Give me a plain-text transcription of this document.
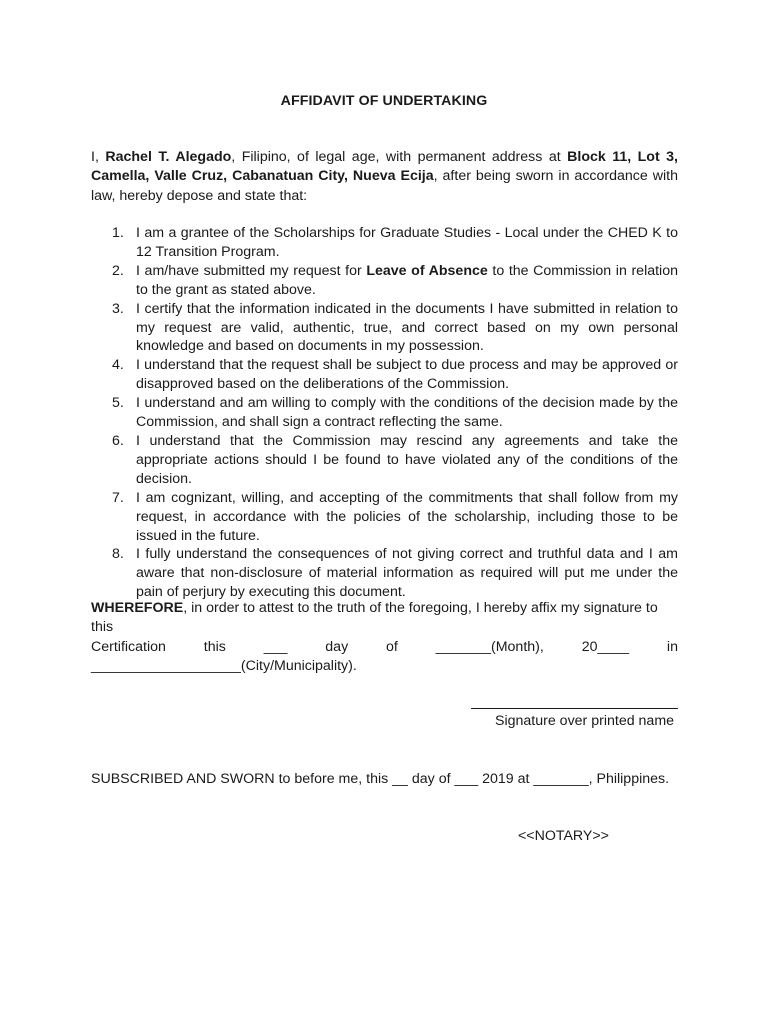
AFFIDAVIT OF UNDERTAKING
I, Rachel T. Alegado, Filipino, of legal age, with permanent address at Block 11, Lot 3, Camella, Valle Cruz, Cabanatuan City, Nueva Ecija, after being sworn in accordance with law, hereby depose and state that:
1. I am a grantee of the Scholarships for Graduate Studies - Local under the CHED K to 12 Transition Program.
2. I am/have submitted my request for Leave of Absence to the Commission in relation to the grant as stated above.
3. I certify that the information indicated in the documents I have submitted in relation to my request are valid, authentic, true, and correct based on my own personal knowledge and based on documents in my possession.
4. I understand that the request shall be subject to due process and may be approved or disapproved based on the deliberations of the Commission.
5. I understand and am willing to comply with the conditions of the decision made by the Commission, and shall sign a contract reflecting the same.
6. I understand that the Commission may rescind any agreements and take the appropriate actions should I be found to have violated any of the conditions of the decision.
7. I am cognizant, willing, and accepting of the commitments that shall follow from my request, in accordance with the policies of the scholarship, including those to be issued in the future.
8. I fully understand the consequences of not giving correct and truthful data and I am aware that non-disclosure of material information as required will put me under the pain of perjury by executing this document.
WHEREFORE, in order to attest to the truth of the foregoing, I hereby affix my signature to this
Certification	this	___	day	of	_______(Month),	20____	in
___________________(City/Municipality).
Signature over printed name
SUBSCRIBED AND SWORN to before me, this __ day of ___ 2019 at _______, Philippines.
<<NOTARY>>
